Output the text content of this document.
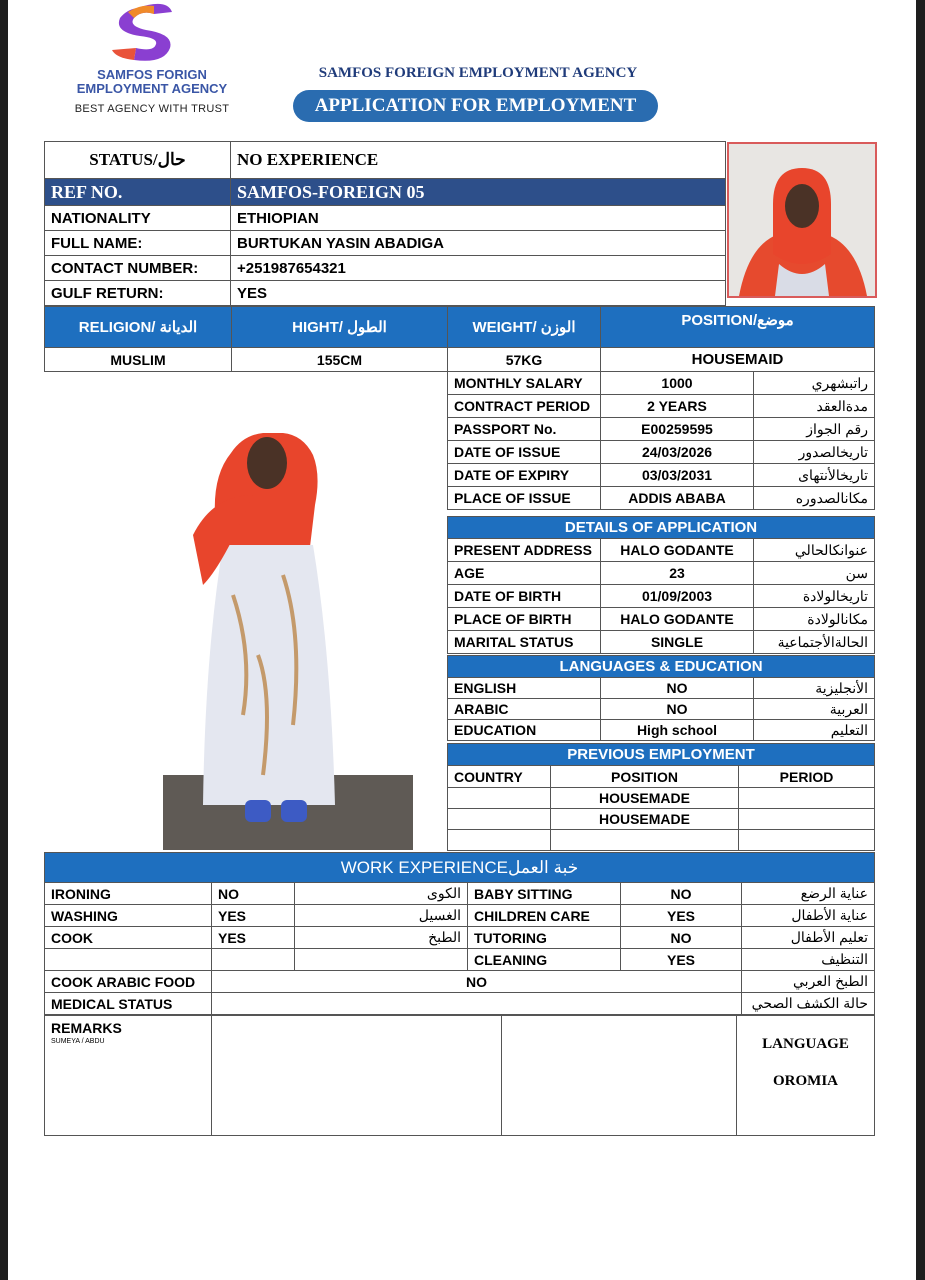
SAMFOS FORIGN
EMPLOYMENT AGENCY
BEST AGENCY WITH TRUST
SAMFOS FOREIGN EMPLOYMENT AGENCY
APPLICATION FOR EMPLOYMENT
STATUS/حال	NO EXPERIENCE
REF NO.	SAMFOS-FOREIGN 05
NATIONALITY	ETHIOPIAN
FULL NAME:	BURTUKAN YASIN ABADIGA
CONTACT NUMBER:	+251987654321
GULF RETURN:	YES
RELIGION/ الديانة	HIGHT/ الطول	WEIGHT/ الوزن	POSITION/موضع
MUSLIM	155CM	57KG	HOUSEMAID
MONTHLY SALARY	1000	راتبشهري
CONTRACT PERIOD	2 YEARS	مدةالعقد
PASSPORT No.	E00259595	رقم الجواز
DATE OF ISSUE	24/03/2026	تاريخالصدور
DATE OF EXPIRY	03/03/2031	تاريخالأنتهاى
PLACE OF ISSUE	ADDIS ABABA	مكانالصدوره
DETAILS OF APPLICATION		
PRESENT ADDRESS	HALO GODANTE	عنوانكالحالي
AGE	23	سن
DATE OF BIRTH	01/09/2003	تاريخالولادة
PLACE OF BIRTH	HALO GODANTE	مكانالولادة
MARITAL STATUS	SINGLE	الحالةالأجتماعية
LANGUAGES & EDUCATION		
ENGLISH	NO	الأنجليزية
ARABIC	NO	العربية
EDUCATION	High school	التعليم
PREVIOUS EMPLOYMENT		
COUNTRY	POSITION	PERIOD
	HOUSEMADE	
	HOUSEMADE	

WORK EXPERIENCEخبة العمل					
IRONING	NO	الكوى	BABY SITTING	NO	عناية الرضع
WASHING	YES	الغسيل	CHILDREN CARE	YES	عناية الأطفال
COOK	YES	الطبخ	TUTORING	NO	تعليم الأطفال
			CLEANING	YES	التنظيف
COOK ARABIC FOOD	NO				الطبخ العربي
MEDICAL STATUS					حالة الكشف الصحي
REMARKS
SUMEYA / ABDU			LANGUAGE
OROMIA
